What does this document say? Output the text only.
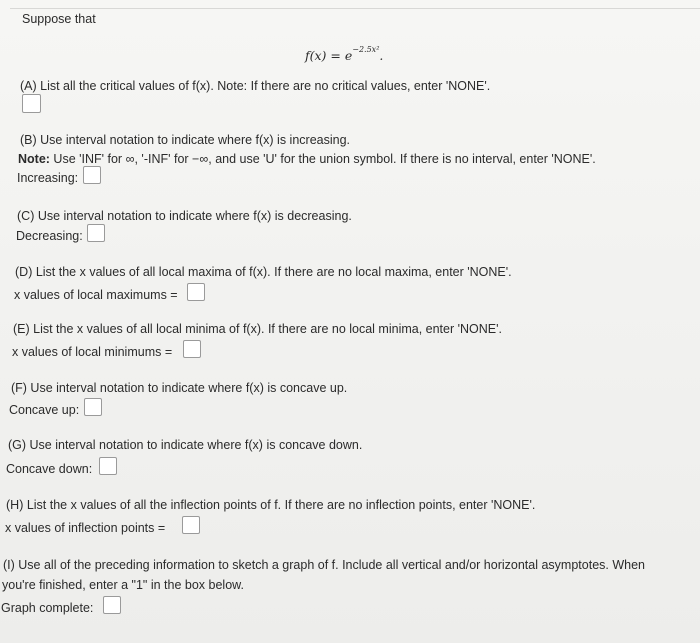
Suppose that
$f(x) = e^{-2.5x^2}$.
(A) List all the critical values of f(x). Note: If there are no critical values, enter 'NONE'.
(B) Use interval notation to indicate where f(x) is increasing.
Note: Use 'INF' for ∞, '-INF' for −∞, and use 'U' for the union symbol. If there is no interval, enter 'NONE'.
Increasing:
(C) Use interval notation to indicate where f(x) is decreasing.
Decreasing:
(D) List the x values of all local maxima of f(x). If there are no local maxima, enter 'NONE'.
x values of local maximums =
(E) List the x values of all local minima of f(x). If there are no local minima, enter 'NONE'.
x values of local minimums =
(F) Use interval notation to indicate where f(x) is concave up.
Concave up:
(G) Use interval notation to indicate where f(x) is concave down.
Concave down:
(H) List the x values of all the inflection points of f. If there are no inflection points, enter 'NONE'.
x values of inflection points =
(I) Use all of the preceding information to sketch a graph of f. Include all vertical and/or horizontal asymptotes. When
you're finished, enter a "1" in the box below.
Graph complete:
